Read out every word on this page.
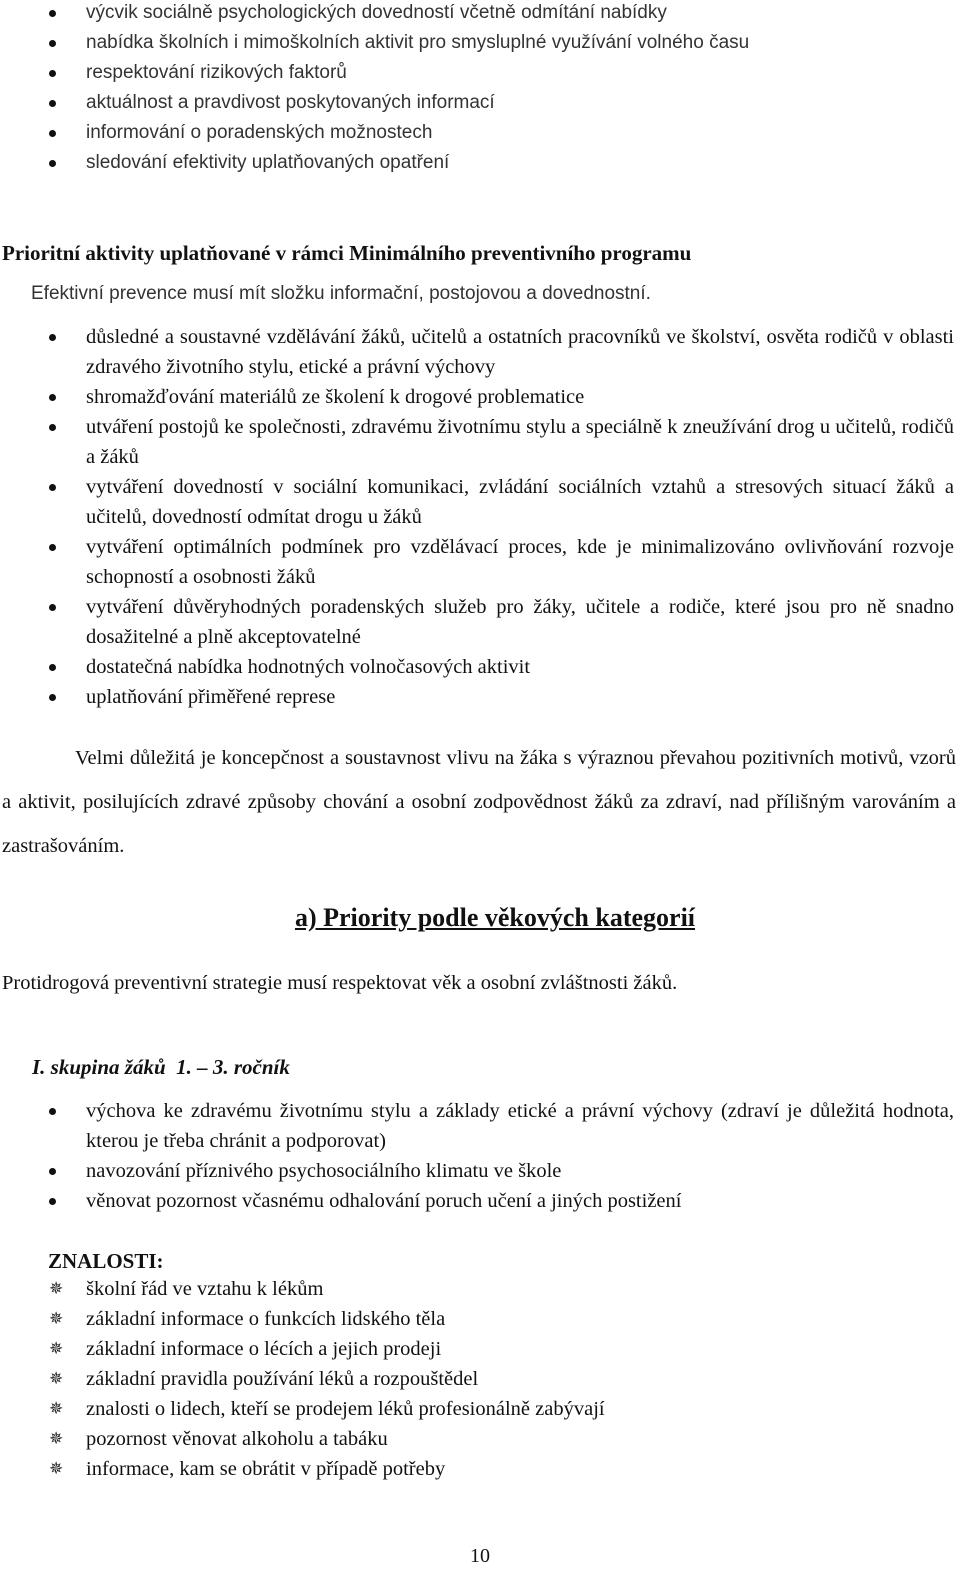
výcvik sociálně psychologických dovedností včetně odmítání nabídky
nabídka školních i mimoškolních aktivit pro smysluplné využívání volného času
respektování rizikových faktorů
aktuálnost a pravdivost poskytovaných informací
informování o poradenských možnostech
sledování efektivity uplatňovaných opatření
Prioritní aktivity uplatňované v rámci Minimálního preventivního programu
Efektivní prevence musí mít složku informační, postojovou a dovednostní.
důsledné a soustavné vzdělávání žáků, učitelů a ostatních pracovníků ve školství, osvěta rodičů v oblasti zdravého životního stylu, etické a právní výchovy
shromažďování materiálů ze školení k drogové problematice
utváření postojů ke společnosti, zdravému životnímu stylu a speciálně k zneužívání drog u učitelů, rodičů a žáků
vytváření dovedností v sociální komunikaci, zvládání sociálních vztahů a stresových situací žáků a učitelů, dovedností odmítat drogu u žáků
vytváření optimálních podmínek pro vzdělávací proces, kde je minimalizováno ovlivňování rozvoje schopností a osobnosti žáků
vytváření důvěryhodných poradenských služeb pro žáky, učitele a rodiče, které jsou pro ně snadno dosažitelné a plně akceptovatelné
dostatečná nabídka hodnotných volnočasových aktivit
uplatňování přiměřené represe

Velmi důležitá je koncepčnost a soustavnost vlivu na žáka s výraznou převahou pozitivních motivů, vzorů a aktivit, posilujících zdravé způsoby chování a osobní zodpovědnost žáků za zdraví, nad přílišným varováním a zastrašováním.

a) Priority podle věkových kategorií
Protidrogová preventivní strategie musí respektovat věk a osobní zvláštnosti žáků.
I. skupina žáků  1. – 3. ročník
výchova ke zdravému životnímu stylu a základy etické a právní výchovy (zdraví je důležitá hodnota, kterou je třeba chránit a podporovat)
navozování příznivého psychosociálního klimatu ve škole
věnovat pozornost včasnému odhalování poruch učení a jiných postižení
ZNALOSTI:
✵ školní řád ve vztahu k lékům
✵ základní informace o funkcích lidského těla
✵ základní informace o lécích a jejich prodeji
✵ základní pravidla používání léků a rozpouštědel
✵ znalosti o lidech, kteří se prodejem léků profesionálně zabývají
✵ pozornost věnovat alkoholu a tabáku
✵ informace, kam se obrátit v případě potřeby
10
